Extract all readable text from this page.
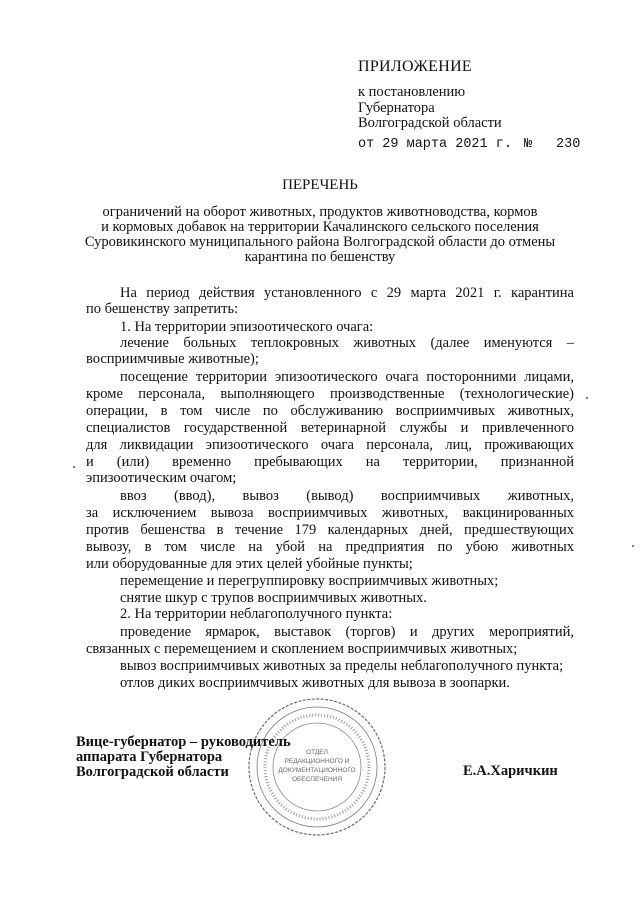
ПРИЛОЖЕНИЕ
к постановлению
Губернатора
Волгоградской области
от 29 марта 2021 г. № 230
ПЕРЕЧЕНЬ
ограничений на оборот животных, продуктов животноводства, кормов
и кормовых добавок на территории Качалинского сельского поселения
Суровикинского муниципального района Волгоградской области до отмены
карантина по бешенству
На период действия установленного с 29 марта 2021 г. карантина
по бешенству запретить:
1. На территории эпизоотического очага:
лечение больных теплокровных животных (далее именуются –
восприимчивые животные);
посещение территории эпизоотического очага посторонними лицами,
кроме персонала, выполняющего производственные (технологические)
операции, в том числе по обслуживанию восприимчивых животных,
специалистов государственной ветеринарной службы и привлеченного
для ликвидации эпизоотического очага персонала, лиц, проживающих
и (или) временно пребывающих на территории, признанной
эпизоотическим очагом;
ввоз (ввод), вывоз (вывод) восприимчивых животных,
за исключением вывоза восприимчивых животных, вакцинированных
против бешенства в течение 179 календарных дней, предшествующих
вывозу, в том числе на убой на предприятия по убою животных
или оборудованные для этих целей убойные пункты;
перемещение и перегруппировку восприимчивых животных;
снятие шкур с трупов восприимчивых животных.
2. На территории неблагополучного пункта:
проведение ярмарок, выставок (торгов) и других мероприятий,
связанных с перемещением и скоплением восприимчивых животных;
вывоз восприимчивых животных за пределы неблагополучного пункта;
отлов диких восприимчивых животных для вывоза в зоопарки.
ОТДЕЛ
РЕДАКЦИОННОГО И
ДОКУМЕНТАЦИОННОГО
ОБЕСПЕЧЕНИЯ
Вице-губернатор – руководитель
аппарата Губернатора
Волгоградской области	Е.А.Харичкин
